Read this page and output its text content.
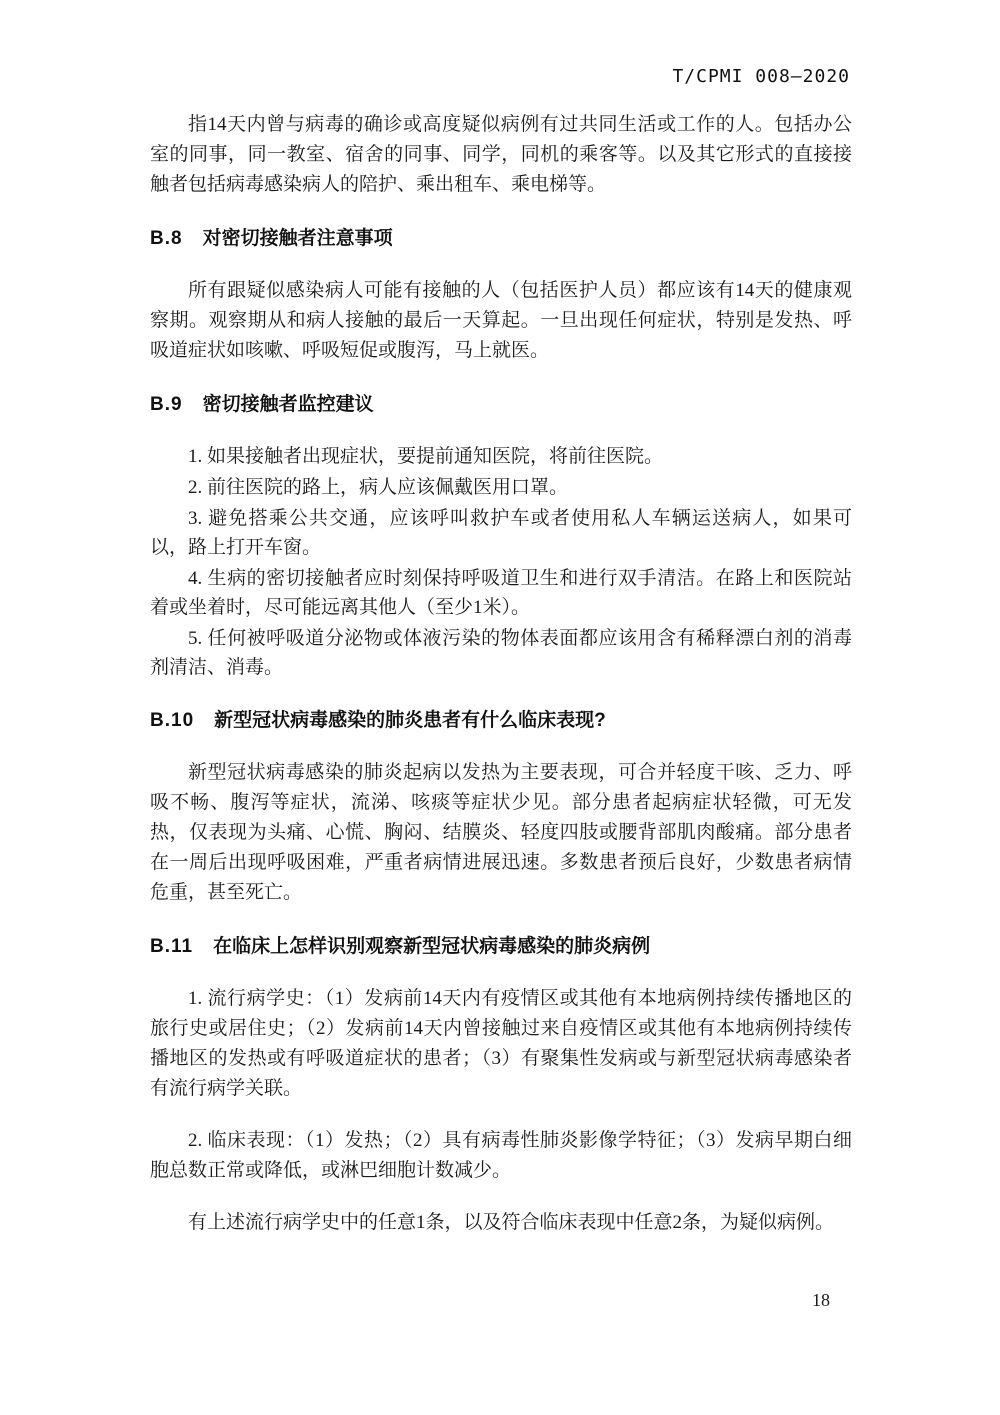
T/CPMI 008—2020

指14天内曾与病毒的确诊或高度疑似病例有过共同生活或工作的人。包括办公室的同事，同一教室、宿舍的同事、同学，同机的乘客等。以及其它形式的直接接触者包括病毒感染病人的陪护、乘出租车、乘电梯等。

B.8 对密切接触者注意事项

所有跟疑似感染病人可能有接触的人（包括医护人员）都应该有14天的健康观察期。观察期从和病人接触的最后一天算起。一旦出现任何症状，特别是发热、呼吸道症状如咳嗽、呼吸短促或腹泻，马上就医。

B.9 密切接触者监控建议

1. 如果接触者出现症状，要提前通知医院，将前往医院。

2. 前往医院的路上，病人应该佩戴医用口罩。

3. 避免搭乘公共交通，应该呼叫救护车或者使用私人车辆运送病人，如果可以，路上打开车窗。

4. 生病的密切接触者应时刻保持呼吸道卫生和进行双手清洁。在路上和医院站着或坐着时，尽可能远离其他人（至少1米）。

5. 任何被呼吸道分泌物或体液污染的物体表面都应该用含有稀释漂白剂的消毒剂清洁、消毒。

B.10 新型冠状病毒感染的肺炎患者有什么临床表现?

新型冠状病毒感染的肺炎起病以发热为主要表现，可合并轻度干咳、乏力、呼吸不畅、腹泻等症状，流涕、咳痰等症状少见。部分患者起病症状轻微，可无发热，仅表现为头痛、心慌、胸闷、结膜炎、轻度四肢或腰背部肌肉酸痛。部分患者在一周后出现呼吸困难，严重者病情进展迅速。多数患者预后良好，少数患者病情危重，甚至死亡。

B.11 在临床上怎样识别观察新型冠状病毒感染的肺炎病例

1. 流行病学史：（1）发病前14天内有疫情区或其他有本地病例持续传播地区的旅行史或居住史；（2）发病前14天内曾接触过来自疫情区或其他有本地病例持续传播地区的发热或有呼吸道症状的患者；（3）有聚集性发病或与新型冠状病毒感染者有流行病学关联。

2. 临床表现：（1）发热；（2）具有病毒性肺炎影像学特征；（3）发病早期白细胞总数正常或降低，或淋巴细胞计数减少。

有上述流行病学史中的任意1条，以及符合临床表现中任意2条，为疑似病例。

18
